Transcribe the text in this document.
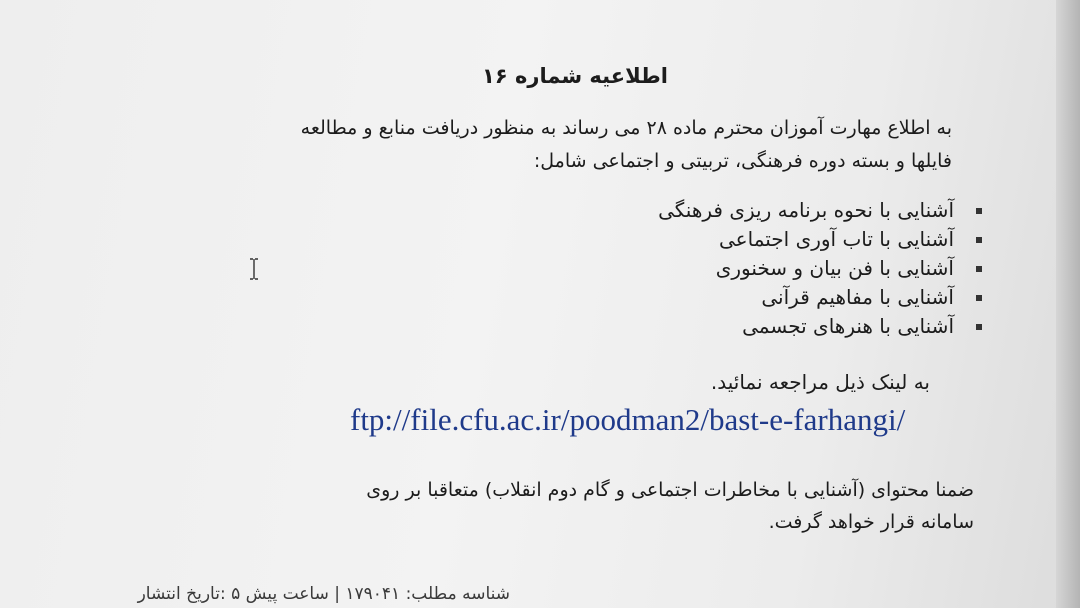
اطلاعیه شماره ۱۶
به اطلاع مهارت آموزان محترم ماده ۲۸ می رساند به منظور دریافت منابع و مطالعه
فایلها و بسته دوره فرهنگی، تربیتی و اجتماعی شامل:
آشنایی با نحوه برنامه ریزی فرهنگی
آشنایی با تاب آوری اجتماعی
آشنایی با فن بیان و سخنوری
آشنایی با مفاهیم قرآنی
آشنایی با هنرهای تجسمی
به لینک ذیل مراجعه نمائید.
ftp://file.cfu.ac.ir/poodman2/bast-e-farhangi/
ضمنا محتوای (آشنایی با مخاطرات اجتماعی و گام دوم انقلاب) متعاقبا بر روی
سامانه قرار خواهد گرفت.
شناسه مطلب: ۱۷۹۰۴۱ | ساعت پیش ۵ :تاریخ انتشار
